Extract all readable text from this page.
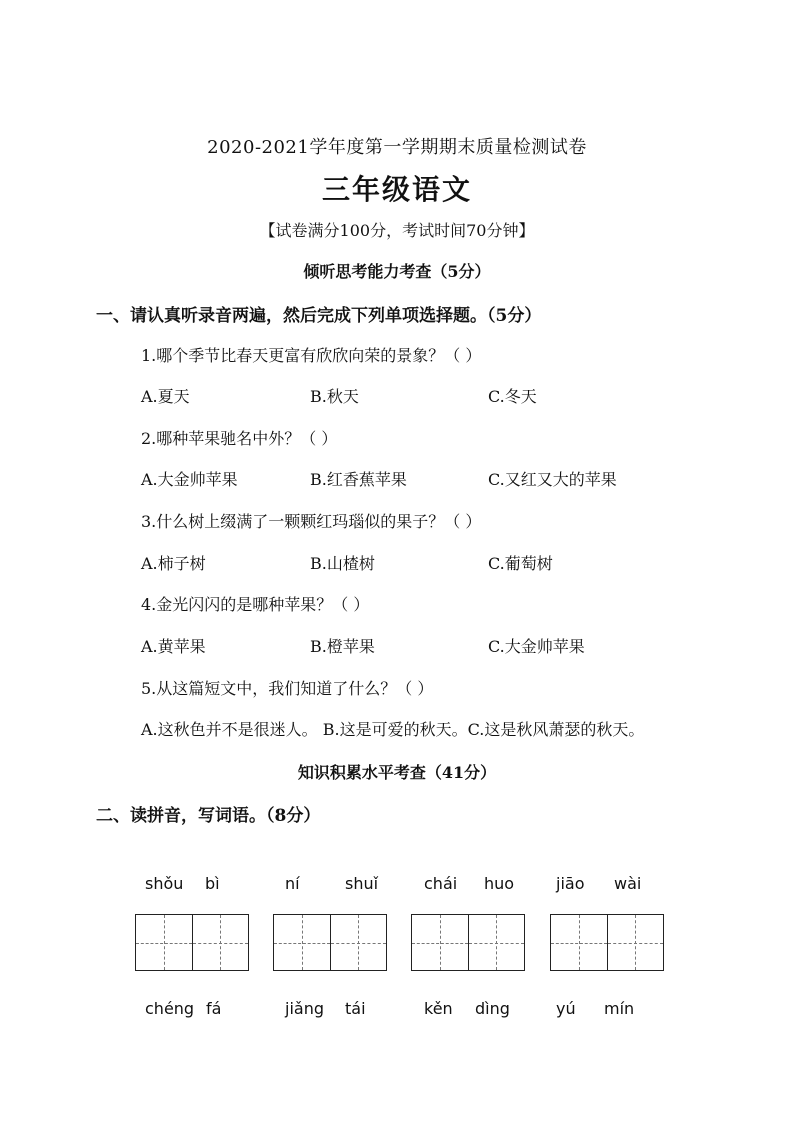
2020-2021学年度第一学期期末质量检测试卷
三年级语文
【试卷满分100分，考试时间70分钟】
倾听思考能力考查（5分）
一、请认真听录音两遍，然后完成下列单项选择题。（5分）
1.哪个季节比春天更富有欣欣向荣的景象？（ ）
A.夏天	B.秋天	C.冬天
2.哪种苹果驰名中外？（ ）
A.大金帅苹果	B.红香蕉苹果	C.又红又大的苹果
3.什么树上缀满了一颗颗红玛瑙似的果子？（ ）
A.柿子树	B.山楂树	C.葡萄树
4.金光闪闪的是哪种苹果？（ ）
A.黄苹果	B.橙苹果	C.大金帅苹果
5.从这篇短文中，我们知道了什么？（ ）
A.这秋色并不是很迷人。 B.这是可爱的秋天。C.这是秋风萧瑟的秋天。
知识积累水平考查（41分）
二、读拼音，写词语。（8分）
shǒu bì	ní	shuǐ	chái huo	jiāo wài
chéng fá	jiǎng tái	kěn dìng	yú mín
